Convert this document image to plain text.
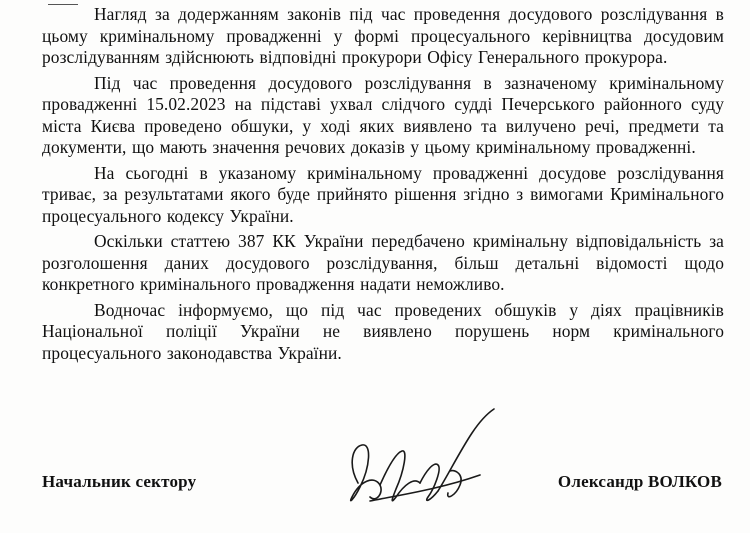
Нагляд за додержанням законів під час проведення досудового розслідування в цьому кримінальному провадженні у формі процесуального керівництва досудовим розслідуванням здійснюють відповідні прокурори Офісу Генерального прокурора.

Під час проведення досудового розслідування в зазначеному кримінальному провадженні 15.02.2023 на підставі ухвал слідчого судді Печерського районного суду міста Києва проведено обшуки, у ході яких виявлено та вилучено речі, предмети та документи, що мають значення речових доказів у цьому кримінальному провадженні.

На сьогодні в указаному кримінальному провадженні досудове розслідування триває, за результатами якого буде прийнято рішення згідно з вимогами Кримінального процесуального кодексу України.

Оскільки статтею 387 КК України передбачено кримінальну відповідальність за розголошення даних досудового розслідування, більш детальні відомості щодо конкретного кримінального провадження надати неможливо.

Водночас інформуємо, що під час проведених обшуків у діях працівників Національної поліції України не виявлено порушень норм кримінального процесуального законодавства України.

Начальник сектору	Олександр ВОЛКОВ
